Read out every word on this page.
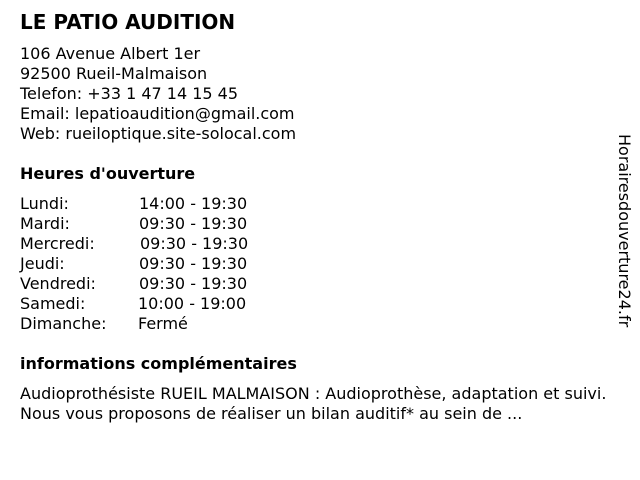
LE PATIO AUDITION
106 Avenue Albert 1er
92500 Rueil-Malmaison
Telefon: +33 1 47 14 15 45
Email: lepatioaudition@gmail.com
Web: rueiloptique.site-solocal.com
Heures d'ouverture
Lundi:	14:00 - 19:30
Mardi:	09:30 - 19:30
Mercredi:	09:30 - 19:30
Jeudi:	09:30 - 19:30
Vendredi:	09:30 - 19:30
Samedi:	10:00 - 19:00
Dimanche: Fermé
informations complémentaires
Audioprothésiste RUEIL MALMAISON : Audioprothèse, adaptation et suivi. Nous vous proposons de réaliser un bilan auditif* au sein de ...
Horairesdouverture24.fr
